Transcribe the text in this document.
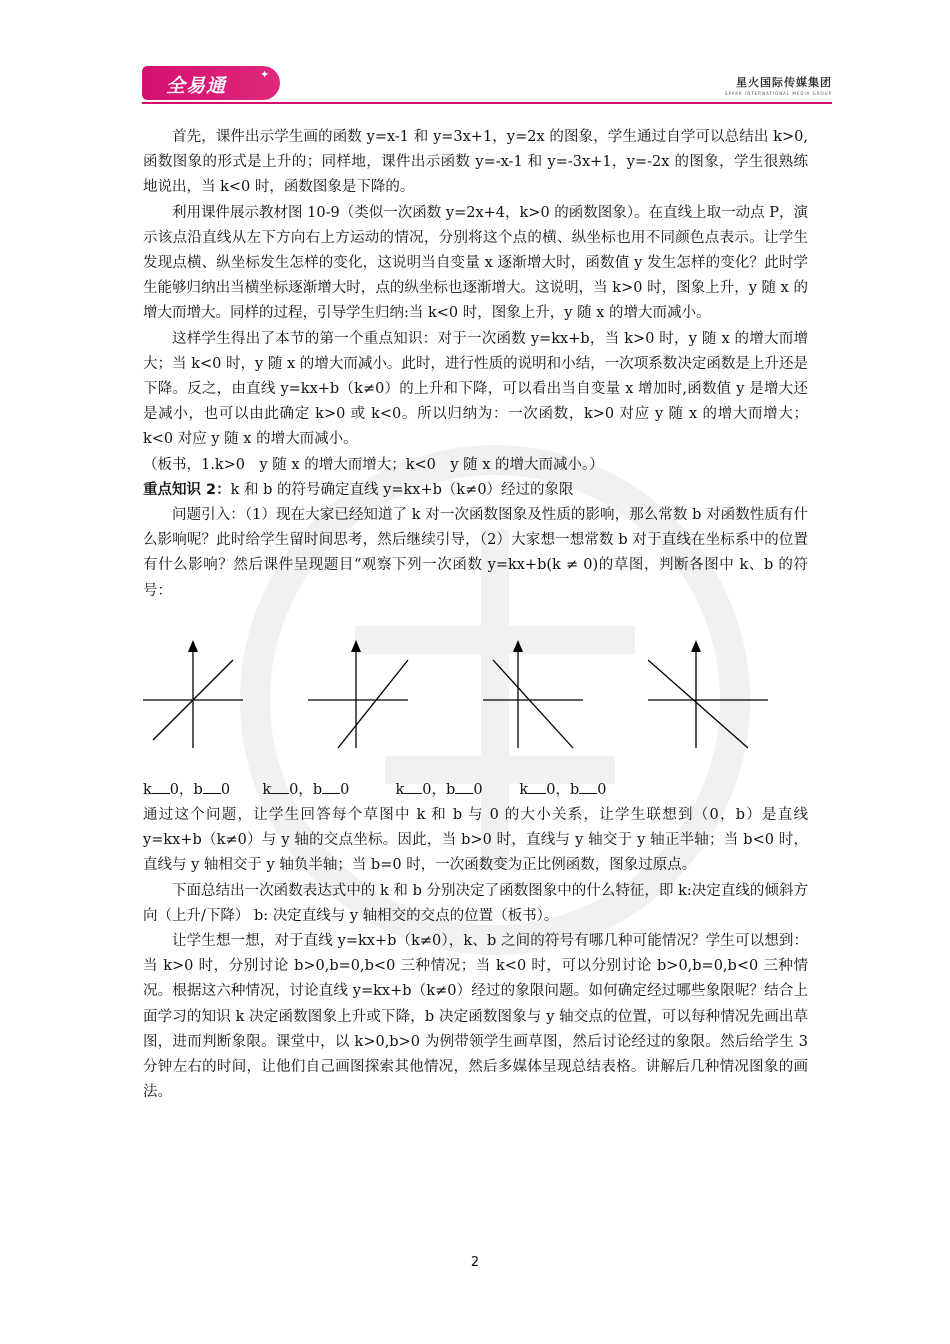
全易通
✦
星火国际传媒集团
SPARK INTERNATIONAL MEDIA GROUP

首先，课件出示学生画的函数 y=x-1 和 y=3x+1，y=2x 的图象，学生通过自学可以总结出 k>0,函数图象的形式是上升的；同样地，课件出示函数 y=-x-1 和 y=-3x+1，y=-2x 的图象，学生很熟练地说出，当 k<0 时，函数图象是下降的。

利用课件展示教材图 10-9（类似一次函数 y=2x+4，k>0 的函数图象）。在直线上取一动点 P，演示该点沿直线从左下方向右上方运动的情况，分别将这个点的横、纵坐标也用不同颜色点表示。让学生发现点横、纵坐标发生怎样的变化，这说明当自变量 x 逐渐增大时，函数值 y 发生怎样的变化？此时学生能够归纳出当横坐标逐渐增大时，点的纵坐标也逐渐增大。这说明，当 k>0 时，图象上升，y 随 x 的增大而增大。同样的过程，引导学生归纳:当 k<0 时，图象上升，y 随 x 的增大而减小。

这样学生得出了本节的第一个重点知识：对于一次函数 y=kx+b，当 k>0 时，y 随 x 的增大而增大；当 k<0 时，y 随 x 的增大而减小。此时，进行性质的说明和小结，一次项系数决定函数是上升还是下降。反之，由直线 y=kx+b（k≠0）的上升和下降，可以看出当自变量 x 增加时,函数值 y 是增大还是减小，也可以由此确定 k>0 或 k<0。所以归纳为：一次函数，k>0 对应 y 随 x 的增大而增大；k<0 对应 y 随 x 的增大而减小。

（板书，1.k>0　y 随 x 的增大而增大；k<0　y 随 x 的增大而减小。）

重点知识 2：k 和 b 的符号确定直线 y=kx+b（k≠0）经过的象限

问题引入：（1）现在大家已经知道了 k 对一次函数图象及性质的影响，那么常数 b 对函数性质有什么影响呢？此时给学生留时间思考，然后继续引导，（2）大家想一想常数 b 对于直线在坐标系中的位置有什么影响？然后课件呈现题目“观察下列一次函数 y=kx+b(k ≠ 0)的草图，判断各图中 k、b 的符号：

k 0，b 0 k 0，b 0	k 0，b 0	k 0，b 0

通过这个问题，让学生回答每个草图中 k 和 b 与 0 的大小关系，让学生联想到（0，b）是直线 y=kx+b（k≠0）与 y 轴的交点坐标。因此，当 b>0 时，直线与 y 轴交于 y 轴正半轴；当 b<0 时，直线与 y 轴相交于 y 轴负半轴；当 b=0 时，一次函数变为正比例函数，图象过原点。

下面总结出一次函数表达式中的 k 和 b 分别决定了函数图象中的什么特征，即 k:决定直线的倾斜方向（上升/下降） b: 决定直线与 y 轴相交的交点的位置（板书）。

让学生想一想，对于直线 y=kx+b（k≠0），k、b 之间的符号有哪几种可能情况？学生可以想到：当 k>0 时，分别讨论 b>0,b=0,b<0 三种情况；当 k<0 时，可以分别讨论 b>0,b=0,b<0 三种情况。根据这六种情况，讨论直线 y=kx+b（k≠0）经过的象限问题。如何确定经过哪些象限呢？结合上面学习的知识 k 决定函数图象上升或下降，b 决定函数图象与 y 轴交点的位置，可以每种情况先画出草图，进而判断象限。课堂中，以 k>0,b>0 为例带领学生画草图，然后讨论经过的象限。然后给学生 3 分钟左右的时间，让他们自己画图探索其他情况，然后多媒体呈现总结表格。讲解后几种情况图象的画法。

2
